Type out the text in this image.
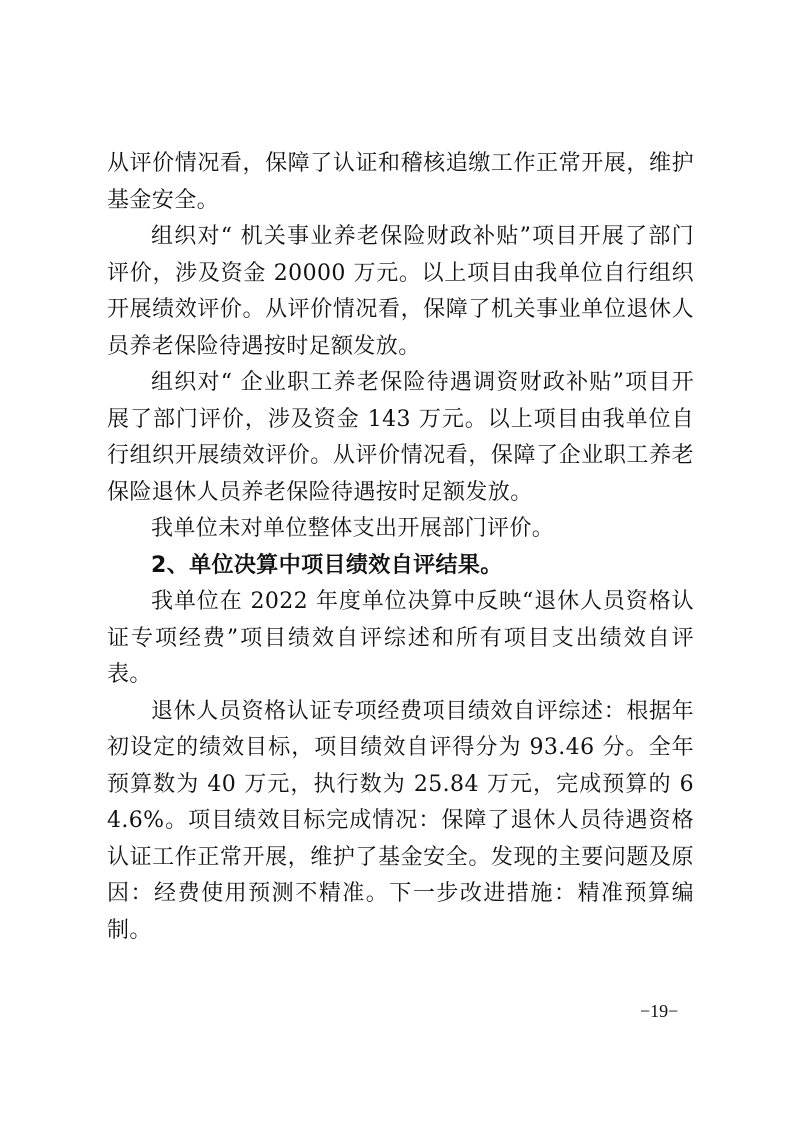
从评价情况看，保障了认证和稽核追缴工作正常开展，维护基金安全。

组织对“ 机关事业养老保险财政补贴”项目开展了部门评价，涉及资金 20000 万元。以上项目由我单位自行组织开展绩效评价。从评价情况看，保障了机关事业单位退休人员养老保险待遇按时足额发放。

组织对“ 企业职工养老保险待遇调资财政补贴”项目开展了部门评价，涉及资金 143 万元。以上项目由我单位自行组织开展绩效评价。从评价情况看，保障了企业职工养老保险退休人员养老保险待遇按时足额发放。

我单位未对单位整体支出开展部门评价。

2、单位决算中项目绩效自评结果。

我单位在 2022 年度单位决算中反映“退休人员资格认证专项经费”项目绩效自评综述和所有项目支出绩效自评表。

退休人员资格认证专项经费项目绩效自评综述：根据年初设定的绩效目标，项目绩效自评得分为 93.46 分。全年预算数为 40 万元，执行数为 25.84 万元，完成预算的 64.6%。项目绩效目标完成情况：保障了退休人员待遇资格认证工作正常开展，维护了基金安全。发现的主要问题及原因：经费使用预测不精准。下一步改进措施：精准预算编制。

−19−
